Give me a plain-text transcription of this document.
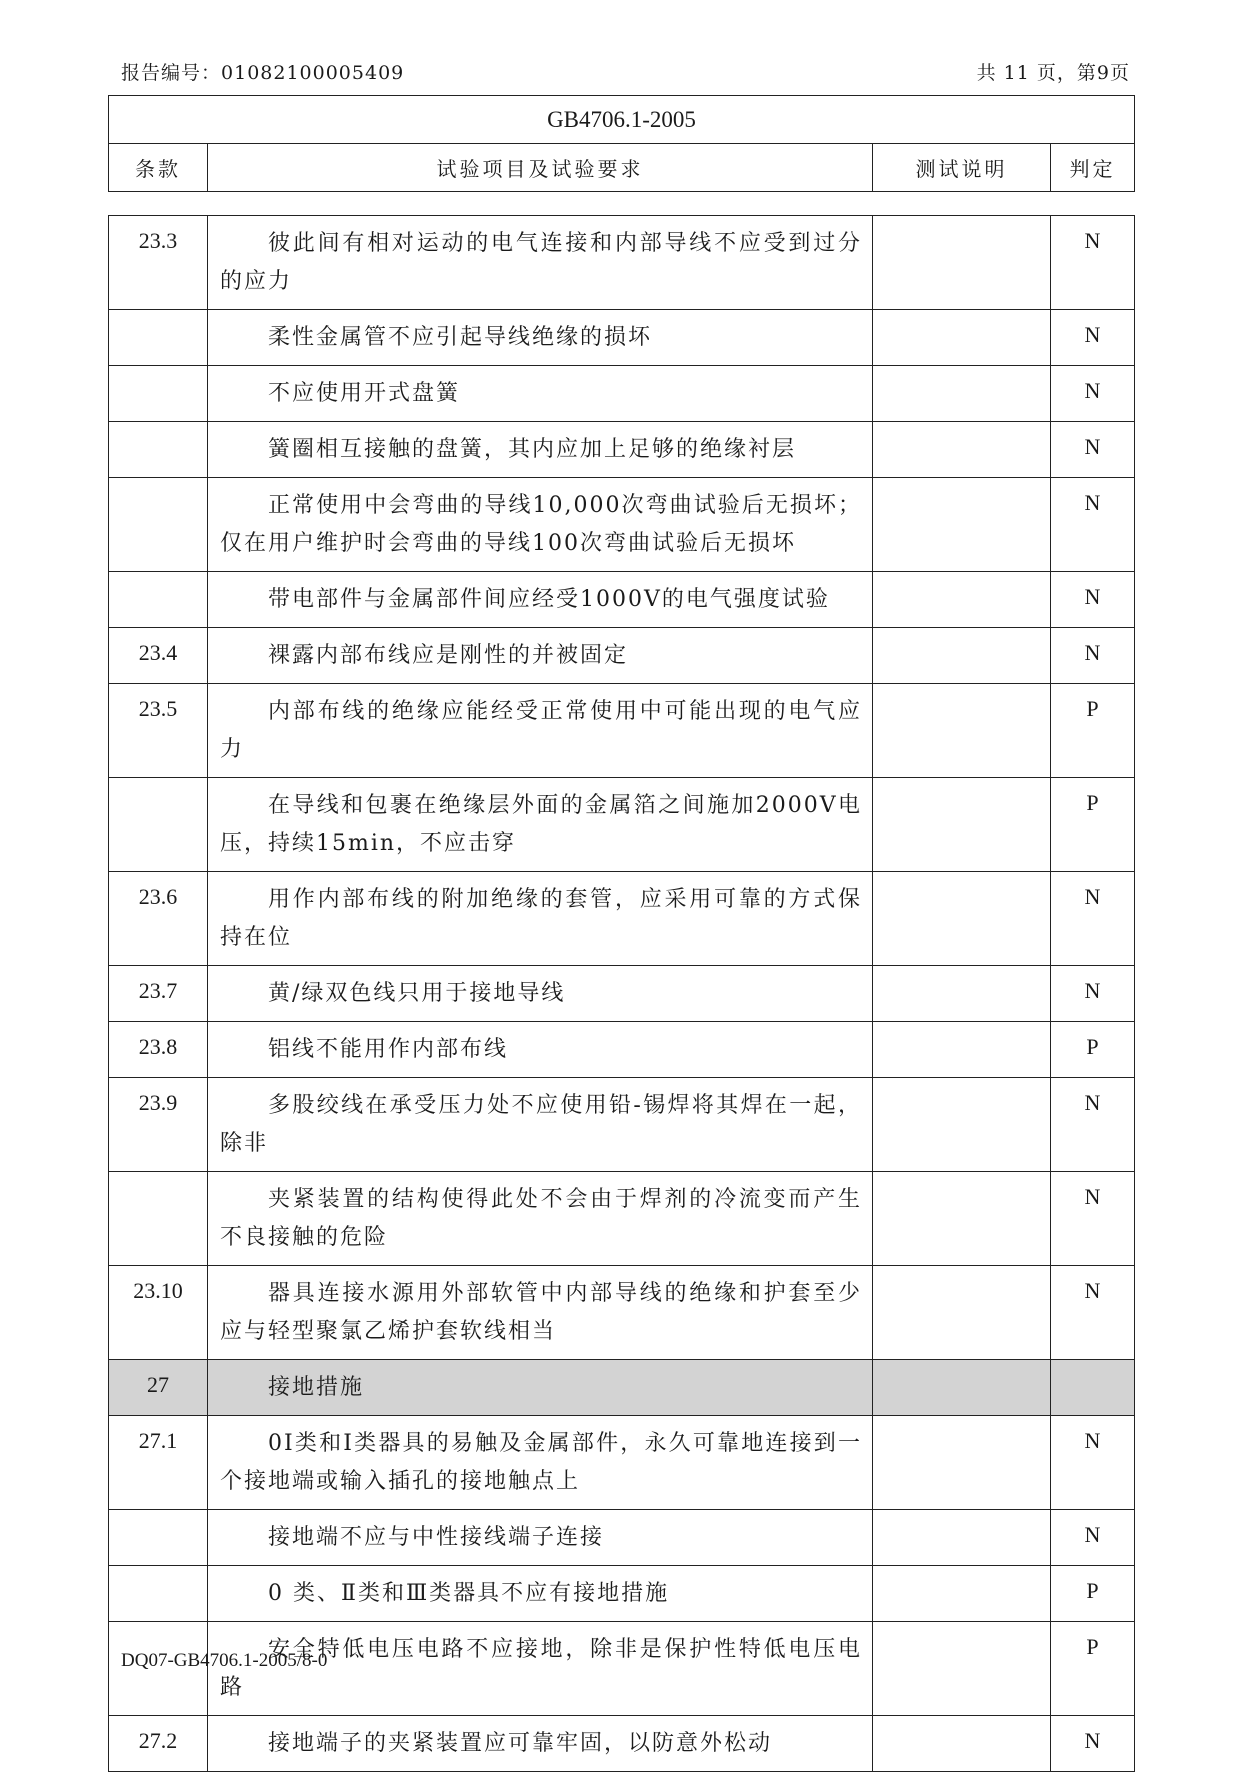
报告编号：01082100005409	共 11 页，第9页
GB4706.1-2005
条款	试验项目及试验要求	测试说明	判定
23.3	彼此间有相对运动的电气连接和内部导线不应受到过分的应力		N

	柔性金属管不应引起导线绝缘的损坏		N

	不应使用开式盘簧		N

	簧圈相互接触的盘簧，其内应加上足够的绝缘衬层		N

	正常使用中会弯曲的导线10,000次弯曲试验后无损坏；仅在用户维护时会弯曲的导线100次弯曲试验后无损坏		N

	带电部件与金属部件间应经受1000V的电气强度试验		N
23.4	裸露内部布线应是刚性的并被固定		N
23.5	内部布线的绝缘应能经受正常使用中可能出现的电气应力		P

	在导线和包裹在绝缘层外面的金属箔之间施加2000V电压，持续15min，不应击穿		P
23.6	用作内部布线的附加绝缘的套管，应采用可靠的方式保持在位		N
23.7	黄/绿双色线只用于接地导线		N
23.8	铝线不能用作内部布线		P
23.9	多股绞线在承受压力处不应使用铅-锡焊将其焊在一起，除非		N

	夹紧装置的结构使得此处不会由于焊剂的冷流变而产生不良接触的危险		N
23.10	器具连接水源用外部软管中内部导线的绝缘和护套至少应与轻型聚氯乙烯护套软线相当		N
27	接地措施		

27.1	0I类和Ⅰ类器具的易触及金属部件，永久可靠地连接到一个接地端或输入插孔的接地触点上		N

	接地端不应与中性接线端子连接		N

	0 类、Ⅱ类和Ⅲ类器具不应有接地措施		P

	安全特低电压电路不应接地，除非是保护性特低电压电路		P
27.2	接地端子的夹紧装置应可靠牢固，以防意外松动		N
DQ07-GB4706.1-2005/8-0
